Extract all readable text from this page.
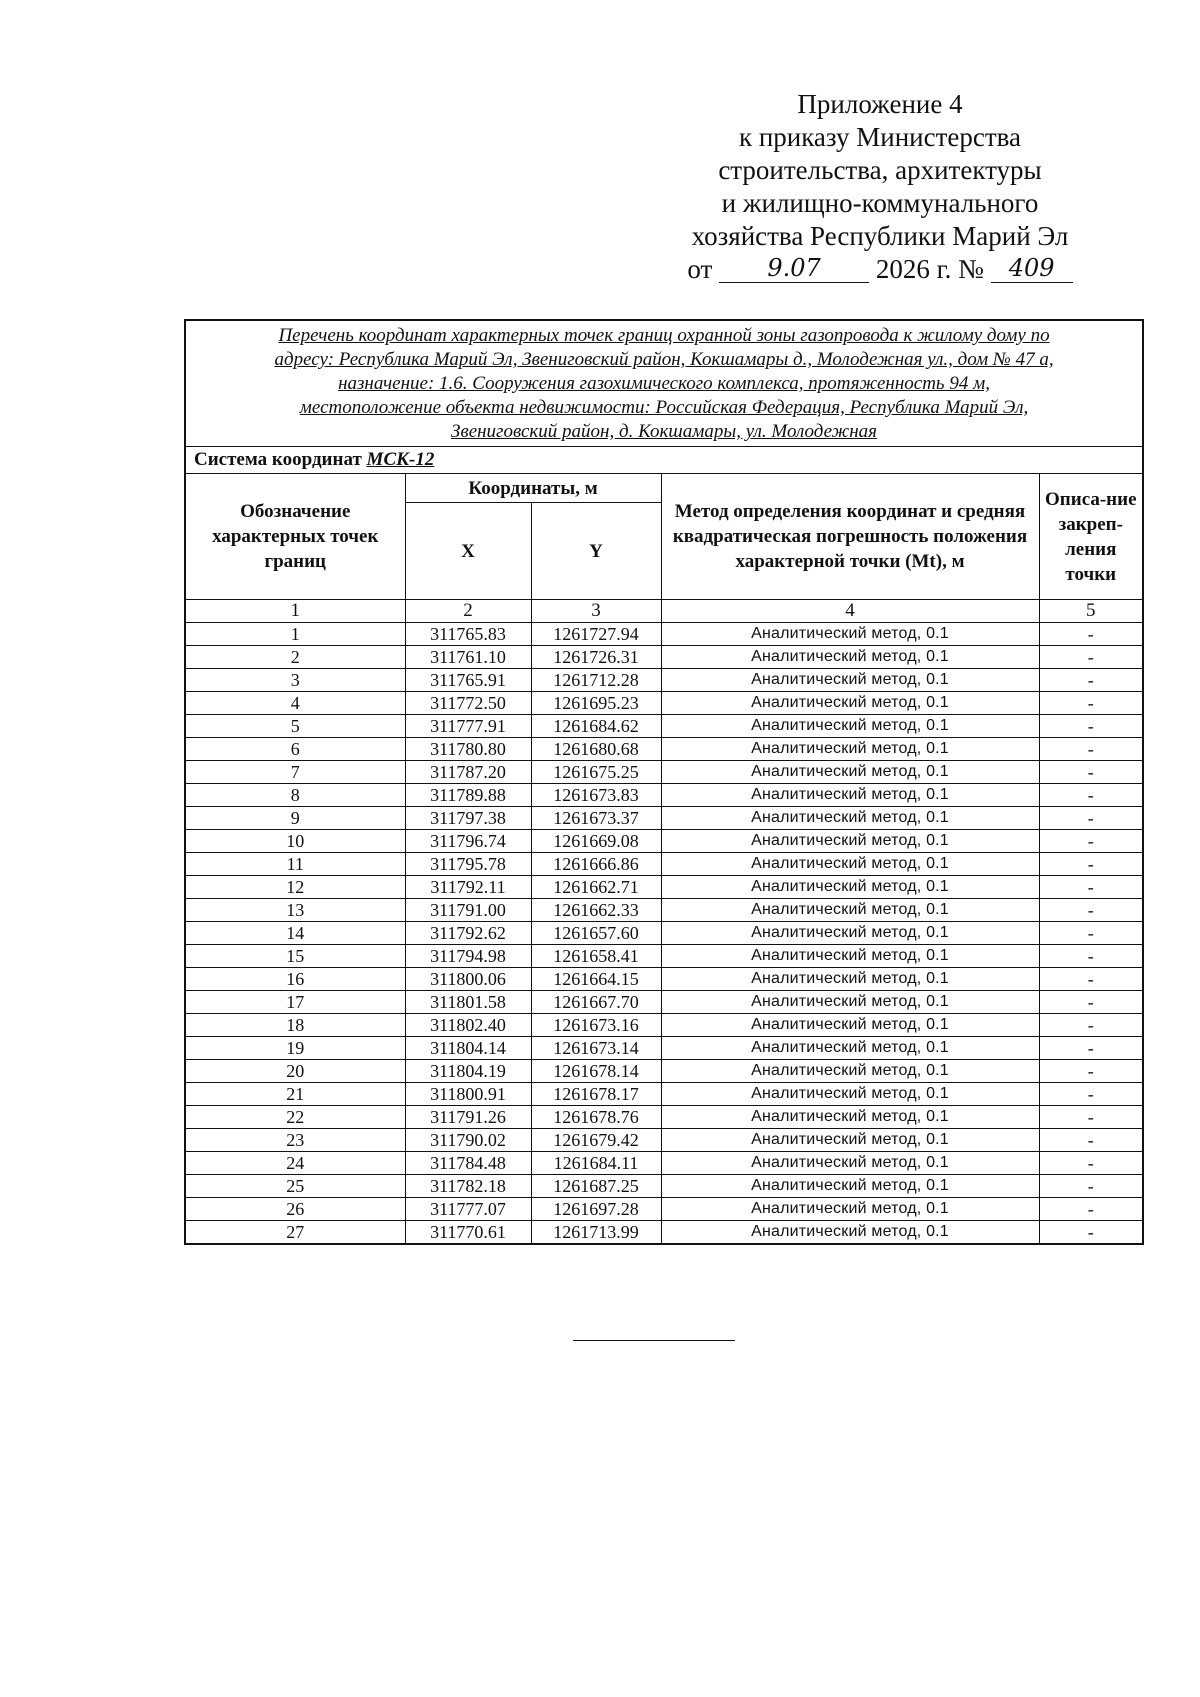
Приложение 4
к приказу Министерства
строительства, архитектуры
и жилищно-коммунального
хозяйства Республики Марий Эл
от 9.07 2026 г. № 409
Перечень координат характерных точек границ охранной зоны газопровода к жилому дому по
адресу: Республика Марий Эл, Звениговский район, Кокшамары д., Молодежная ул., дом № 47 а,
назначение: 1.6. Сооружения газохимического комплекса, протяженность 94 м,
местоположение объекта недвижимости: Российская Федерация, Республика Марий Эл,
Звениговский район, д. Кокшамары, ул. Молодежная				

Система координат МСК-12				
Обозначение характерных точек границ	Координаты, м		Метод определения координат и средняя квадратическая погрешность положения характерной точки (Mt), м	Описа-ние закреп-ления точки
	X	Y		
1	2	3	4	5
1	311765.83	1261727.94	Аналитический метод, 0.1	-
2	311761.10	1261726.31	Аналитический метод, 0.1	-
3	311765.91	1261712.28	Аналитический метод, 0.1	-
4	311772.50	1261695.23	Аналитический метод, 0.1	-
5	311777.91	1261684.62	Аналитический метод, 0.1	-
6	311780.80	1261680.68	Аналитический метод, 0.1	-
7	311787.20	1261675.25	Аналитический метод, 0.1	-
8	311789.88	1261673.83	Аналитический метод, 0.1	-
9	311797.38	1261673.37	Аналитический метод, 0.1	-
10	311796.74	1261669.08	Аналитический метод, 0.1	-
11	311795.78	1261666.86	Аналитический метод, 0.1	-
12	311792.11	1261662.71	Аналитический метод, 0.1	-
13	311791.00	1261662.33	Аналитический метод, 0.1	-
14	311792.62	1261657.60	Аналитический метод, 0.1	-
15	311794.98	1261658.41	Аналитический метод, 0.1	-
16	311800.06	1261664.15	Аналитический метод, 0.1	-
17	311801.58	1261667.70	Аналитический метод, 0.1	-
18	311802.40	1261673.16	Аналитический метод, 0.1	-
19	311804.14	1261673.14	Аналитический метод, 0.1	-
20	311804.19	1261678.14	Аналитический метод, 0.1	-
21	311800.91	1261678.17	Аналитический метод, 0.1	-
22	311791.26	1261678.76	Аналитический метод, 0.1	-
23	311790.02	1261679.42	Аналитический метод, 0.1	-
24	311784.48	1261684.11	Аналитический метод, 0.1	-
25	311782.18	1261687.25	Аналитический метод, 0.1	-
26	311777.07	1261697.28	Аналитический метод, 0.1	-
27	311770.61	1261713.99	Аналитический метод, 0.1	-
